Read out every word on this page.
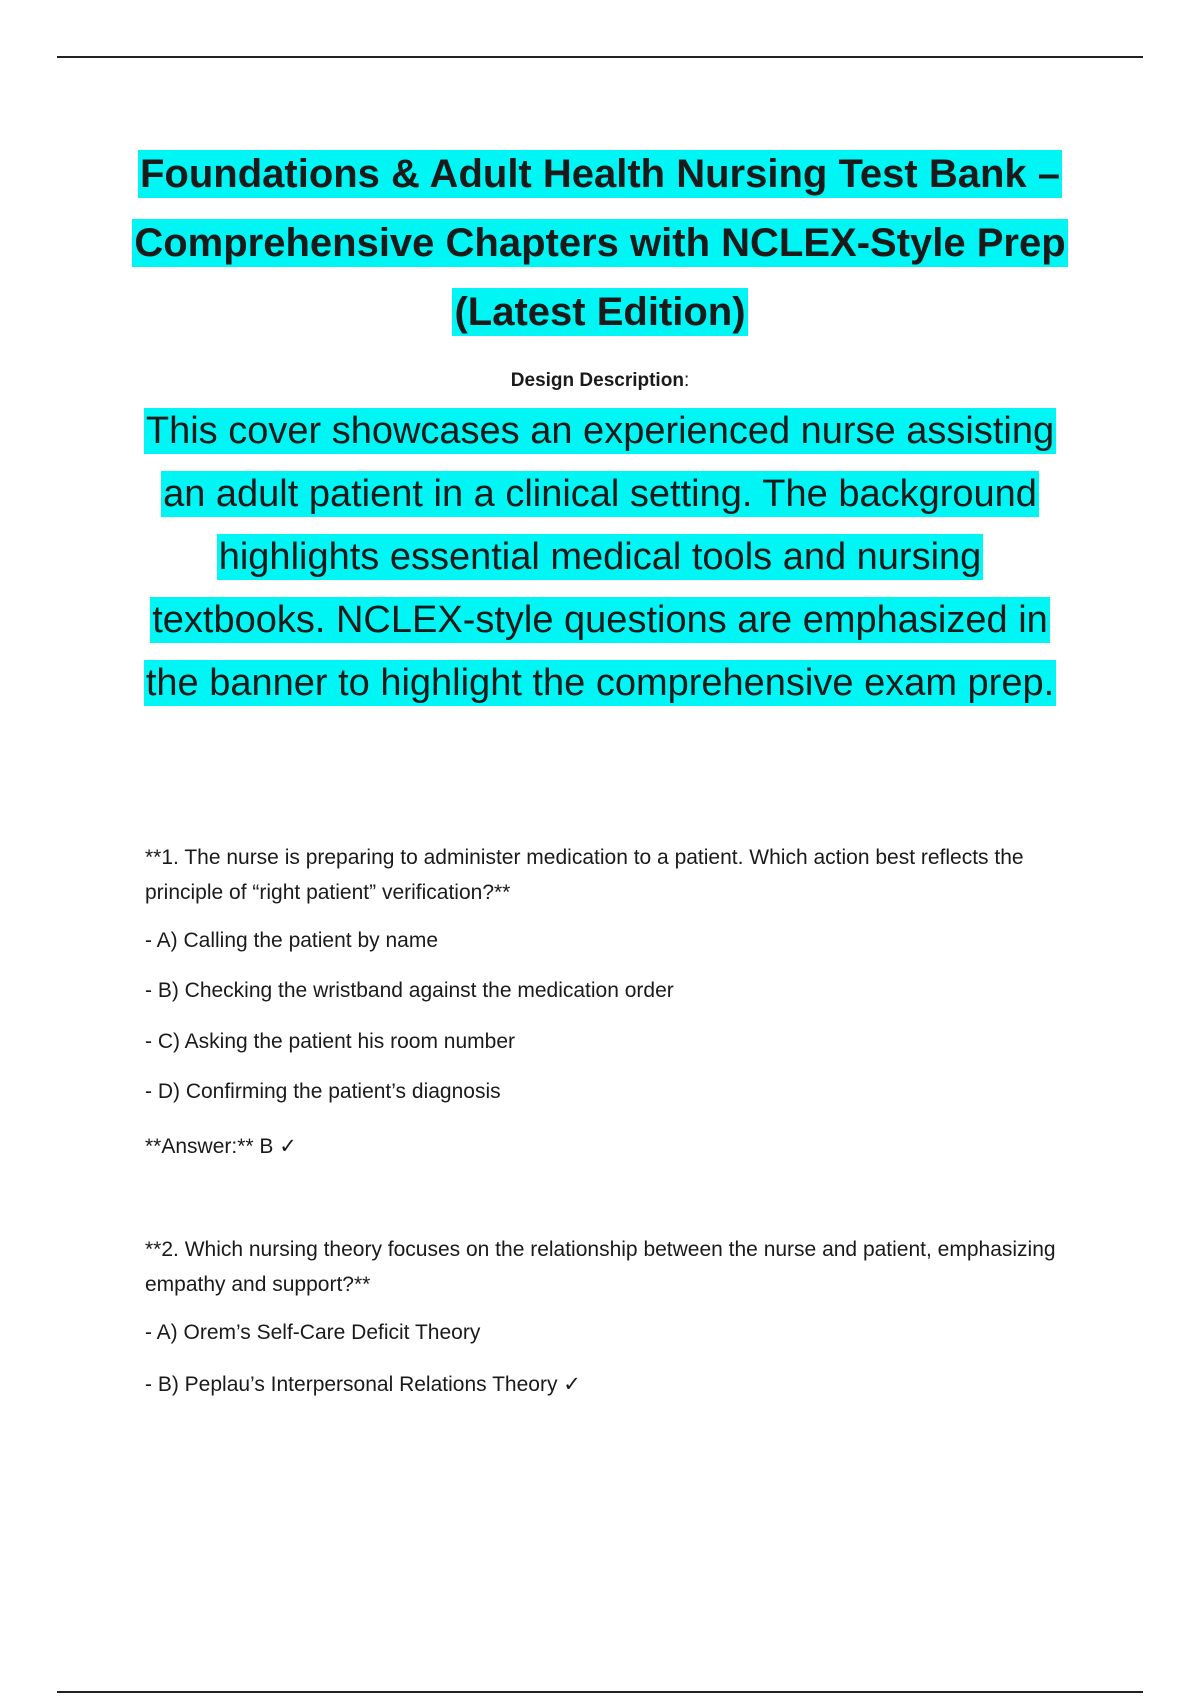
Foundations & Adult Health Nursing Test Bank – Comprehensive Chapters with NCLEX-Style Prep (Latest Edition)
Design Description:

This cover showcases an experienced nurse assisting an adult patient in a clinical setting. The background highlights essential medical tools and nursing textbooks. NCLEX-style questions are emphasized in the banner to highlight the comprehensive exam prep.

**1. The nurse is preparing to administer medication to a patient. Which action best reflects the principle of “right patient” verification?**

- A) Calling the patient by name

- B) Checking the wristband against the medication order

- C) Asking the patient his room number

- D) Confirming the patient’s diagnosis

**Answer:** B ✓

**2. Which nursing theory focuses on the relationship between the nurse and patient, emphasizing empathy and support?**

- A) Orem’s Self-Care Deficit Theory

- B) Peplau’s Interpersonal Relations Theory ✓
